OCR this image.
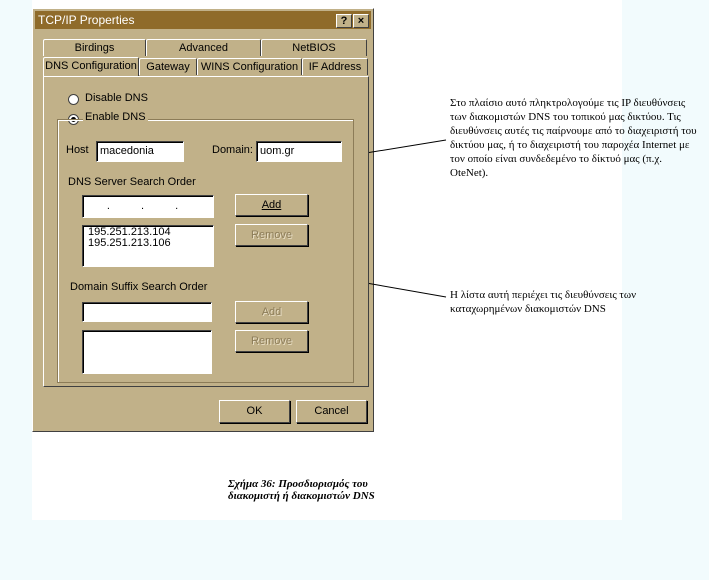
TCP/IP Properties	? ×
Birdings	Advanced	NetBIOS
DNS Configuration Gateway	WINS Configuration IF Address
Disable DNS
Enable DNS
Host	macedonia	Domain: uom.gr
DNS Server Search Order
. . .	Add
195.251.213.104
195.251.213.106
Remove
Domain Suffix Search Order
Add
Remove
OK	Cancel
Στο πλαίσιο αυτό πληκτρολογούμε τις IP διευθύνσεις των διακομιστών DNS του τοπικού μας δικτύου. Τις διευθύνσεις αυτές τις παίρνουμε από το διαχειριστή του δικτύου μας, ή το διαχειριστή του παροχέα Internet με τον οποίο είναι συνδεδεμένο το δίκτυό μας (π.χ. OteNet).
Η λίστα αυτή περιέχει τις διευθύνσεις των καταχωρημένων διακομιστών DNS
Σχήμα 36: Προσδιορισμός του
διακομιστή ή διακομιστών DNS
